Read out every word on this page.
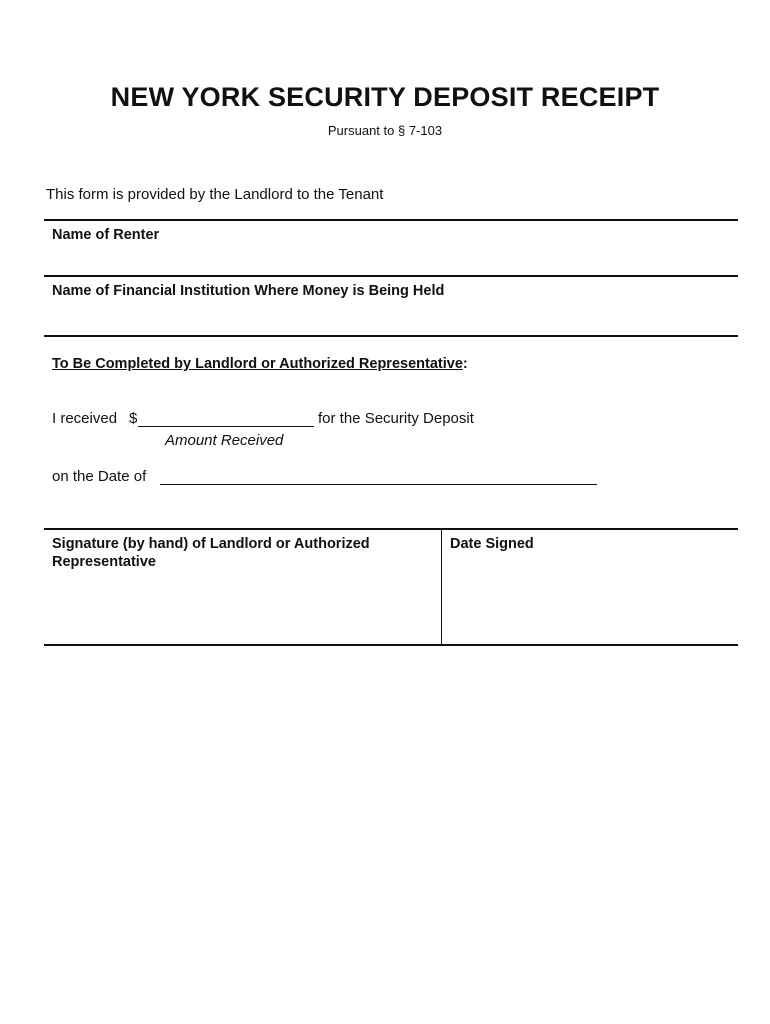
NEW YORK SECURITY DEPOSIT RECEIPT
Pursuant to § 7-103
This form is provided by the Landlord to the Tenant
Name of Renter
Name of Financial Institution Where Money is Being Held
To Be Completed by Landlord or Authorized Representative:
I received $	for the Security Deposit
Amount Received
on the Date of
Signature (by hand) of Landlord or Authorized Representative
Date Signed
